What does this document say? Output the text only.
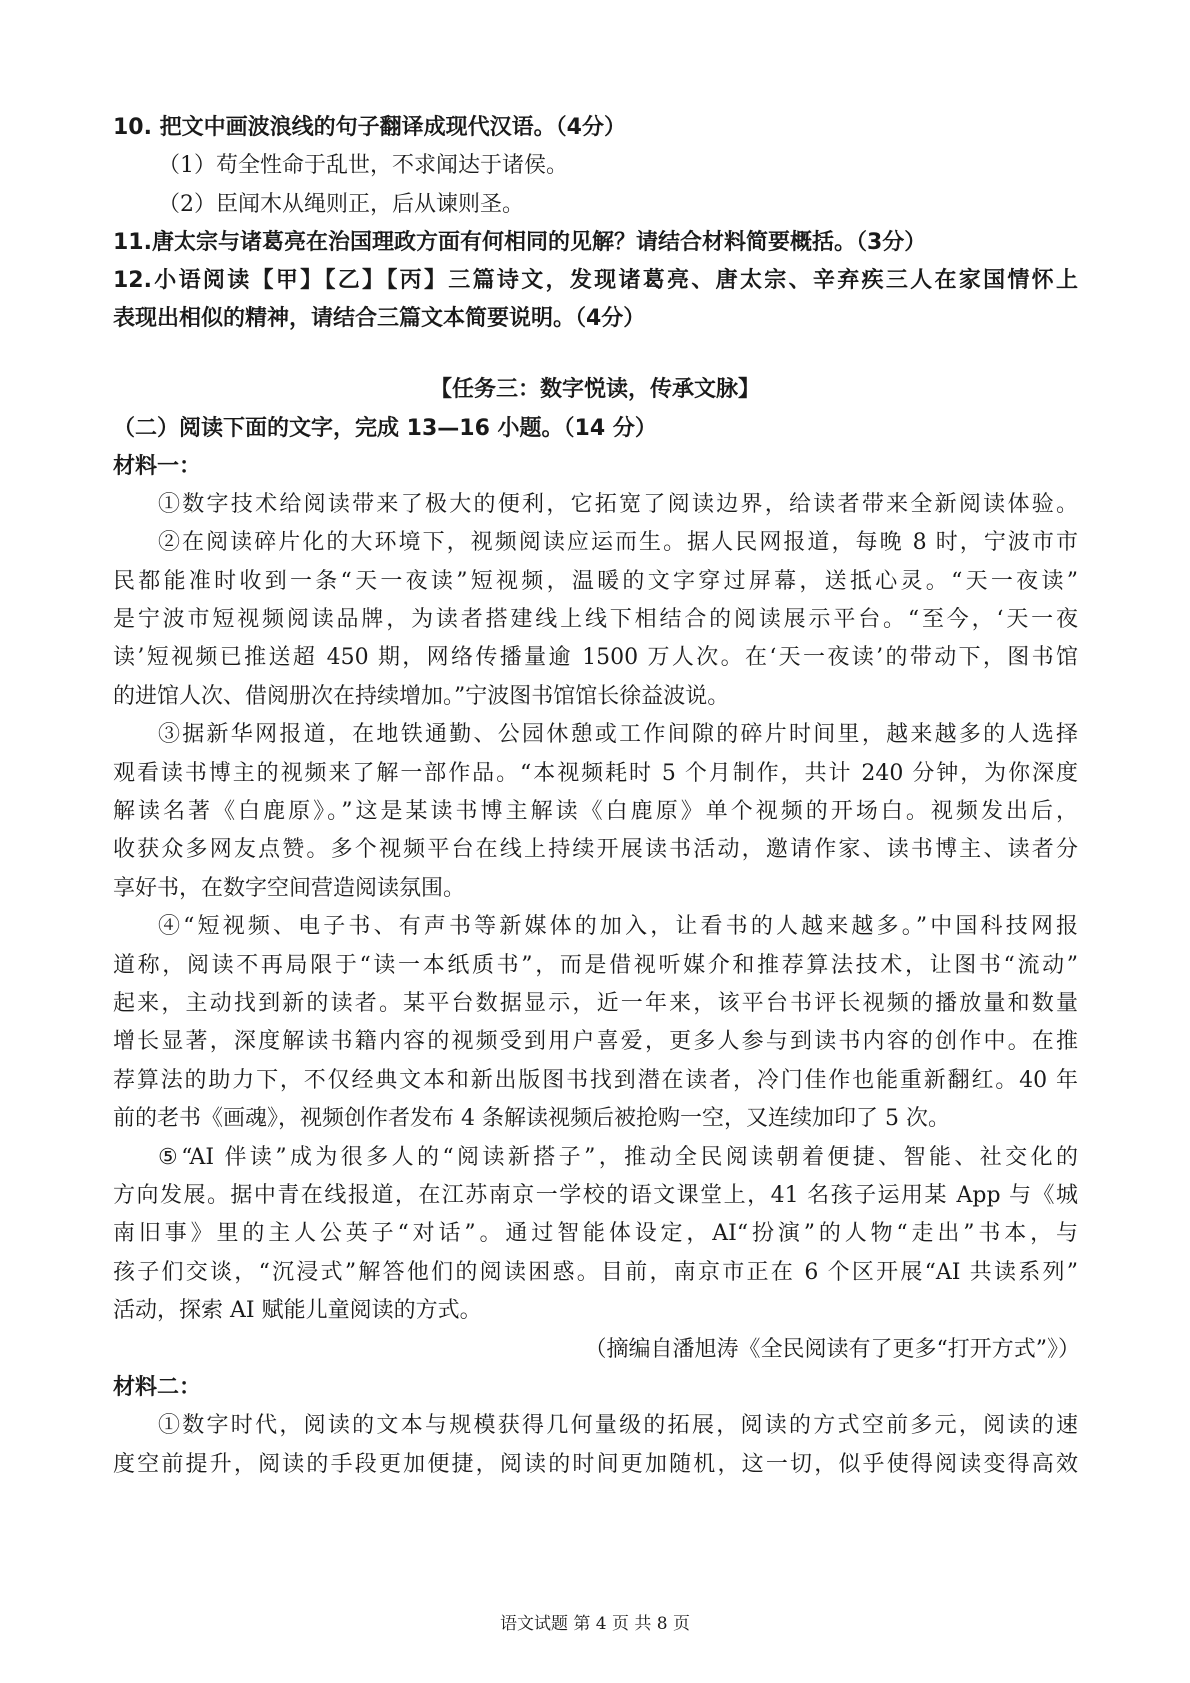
10. 把文中画波浪线的句子翻译成现代汉语。（4分）
（1）苟全性命于乱世，不求闻达于诸侯。
（2）臣闻木从绳则正，后从谏则圣。
11.唐太宗与诸葛亮在治国理政方面有何相同的见解？请结合材料简要概括。（3分）
12.小语阅读【甲】【乙】【丙】三篇诗文，发现诸葛亮、唐太宗、辛弃疾三人在家国情怀上
表现出相似的精神，请结合三篇文本简要说明。（4分）
【任务三：数字悦读，传承文脉】
（二）阅读下面的文字，完成 13—16 小题。（14 分）
材料一：
①数字技术给阅读带来了极大的便利，它拓宽了阅读边界，给读者带来全新阅读体验。
②在阅读碎片化的大环境下，视频阅读应运而生。据人民网报道，每晚 8 时，宁波市市
民都能准时收到一条“天一夜读”短视频，温暖的文字穿过屏幕，送抵心灵。“天一夜读”
是宁波市短视频阅读品牌，为读者搭建线上线下相结合的阅读展示平台。“至今，‘天一夜
读’短视频已推送超 450 期，网络传播量逾 1500 万人次。在‘天一夜读’的带动下，图书馆
的进馆人次、借阅册次在持续增加。”宁波图书馆馆长徐益波说。
③据新华网报道，在地铁通勤、公园休憩或工作间隙的碎片时间里，越来越多的人选择
观看读书博主的视频来了解一部作品。“本视频耗时 5 个月制作，共计 240 分钟，为你深度
解读名著《白鹿原》。”这是某读书博主解读《白鹿原》单个视频的开场白。视频发出后，
收获众多网友点赞。多个视频平台在线上持续开展读书活动，邀请作家、读书博主、读者分
享好书，在数字空间营造阅读氛围。
④“短视频、电子书、有声书等新媒体的加入，让看书的人越来越多。”中国科技网报
道称，阅读不再局限于“读一本纸质书”，而是借视听媒介和推荐算法技术，让图书“流动”
起来，主动找到新的读者。某平台数据显示，近一年来，该平台书评长视频的播放量和数量
增长显著，深度解读书籍内容的视频受到用户喜爱，更多人参与到读书内容的创作中。在推
荐算法的助力下，不仅经典文本和新出版图书找到潜在读者，冷门佳作也能重新翻红。40 年
前的老书《画魂》，视频创作者发布 4 条解读视频后被抢购一空，又连续加印了 5 次。
⑤“AI 伴读”成为很多人的“阅读新搭子”，推动全民阅读朝着便捷、智能、社交化的
方向发展。据中青在线报道，在江苏南京一学校的语文课堂上，41 名孩子运用某 App 与《城
南旧事》里的主人公英子“对话”。通过智能体设定，AI“扮演”的人物“走出”书本，与
孩子们交谈，“沉浸式”解答他们的阅读困惑。目前，南京市正在 6 个区开展“AI 共读系列”
活动，探索 AI 赋能儿童阅读的方式。
（摘编自潘旭涛《全民阅读有了更多“打开方式”》）
材料二：
①数字时代，阅读的文本与规模获得几何量级的拓展，阅读的方式空前多元，阅读的速
度空前提升，阅读的手段更加便捷，阅读的时间更加随机，这一切，似乎使得阅读变得高效
语文试题 第 4 页 共 8 页
